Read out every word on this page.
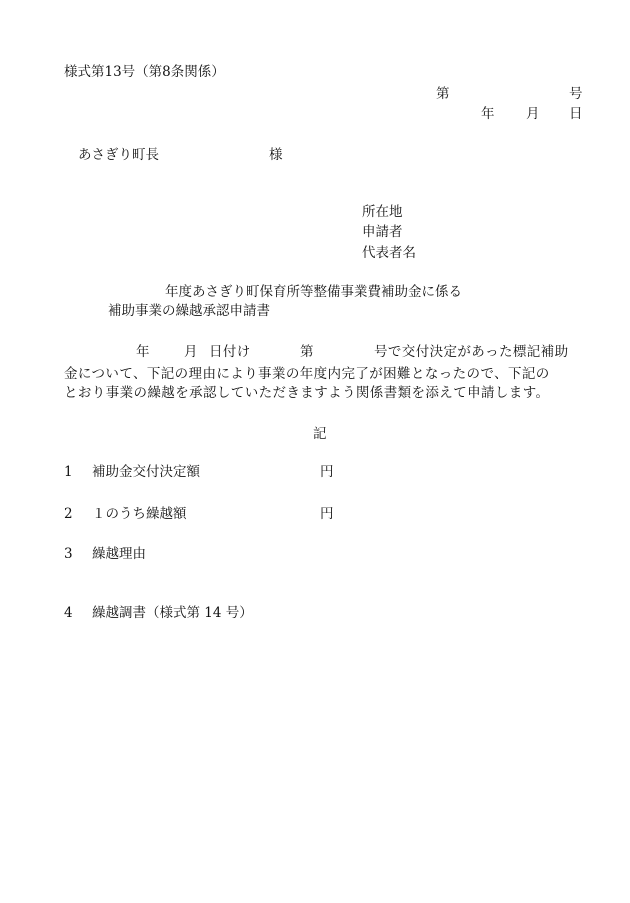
様式第13号（第8条関係）
第	号
年 月 日
あさぎり町長	様
所在地
申請者
代表者名
年度あさぎり町保育所等整備事業費補助金に係る
補助事業の繰越承認申請書
年	月 日付け	第	号で交付決定があった標記補助
金について、下記の理由により事業の年度内完了が困難となったので、下記の
とおり事業の繰越を承認していただきますよう関係書類を添えて申請します。
記
1 補助金交付決定額	円
2 １のうち繰越額	円
3 繰越理由
4 繰越調書（様式第 14 号）
